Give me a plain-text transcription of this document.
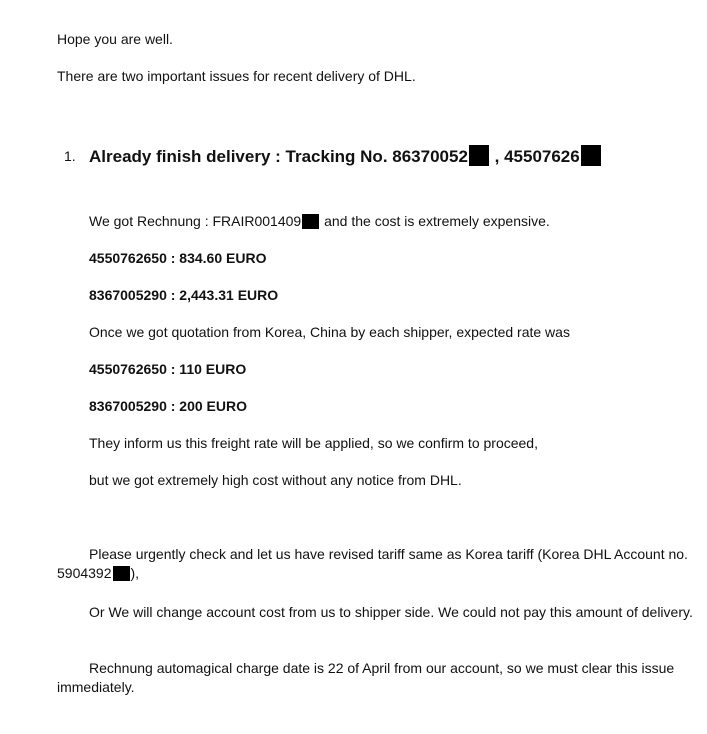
Hope you are well.
There are two important issues for recent delivery of DHL.
1. Already finish delivery : Tracking No. 86370052 , 45507626
We got Rechnung : FRAIR001409 and the cost is extremely expensive.
4550762650 : 834.60 EURO
8367005290 : 2,443.31 EURO
Once we got quotation from Korea, China by each shipper, expected rate was
4550762650 : 110 EURO
8367005290 : 200 EURO
They inform us this freight rate will be applied, so we confirm to proceed,
but we got extremely high cost without any notice from DHL.
Please urgently check and let us have revised tariff same as Korea tariff (Korea DHL Account no. 5904392 ),
Or We will change account cost from us to shipper side. We could not pay this amount of delivery.
Rechnung automagical charge date is 22 of April from our account, so we must clear this issue immediately.
